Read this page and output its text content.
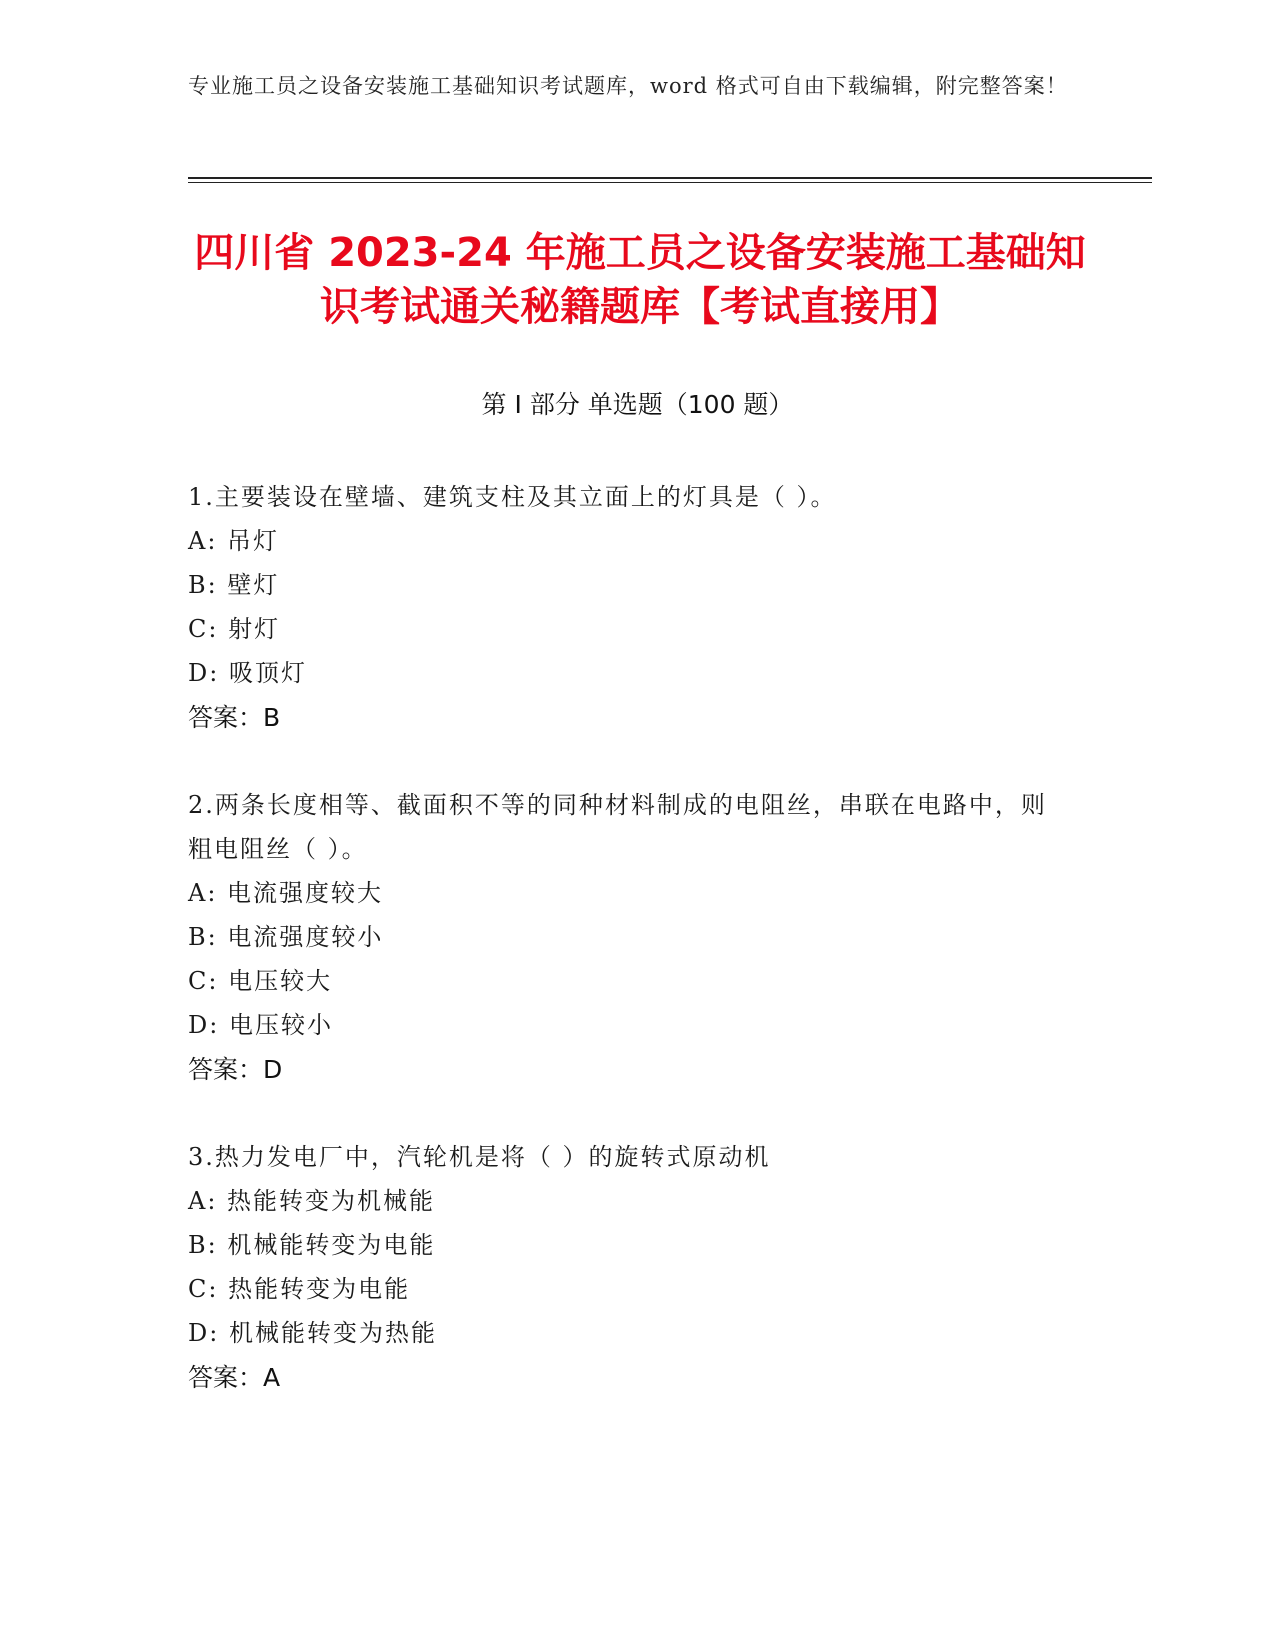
专业施工员之设备安装施工基础知识考试题库，word 格式可自由下载编辑，附完整答案！
四川省 2023-24 年施工员之设备安装施工基础知识考试通关秘籍题库【考试直接用】
第 I 部分 单选题（100 题）
1.主要装设在壁墙、建筑支柱及其立面上的灯具是（ ）。
A: 吊灯
B: 壁灯
C: 射灯
D: 吸顶灯
答案：B
2.两条长度相等、截面积不等的同种材料制成的电阻丝，串联在电路中，则粗电阻丝（ ）。
A: 电流强度较大
B: 电流强度较小
C: 电压较大
D: 电压较小
答案：D
3.热力发电厂中，汽轮机是将（ ）的旋转式原动机
A: 热能转变为机械能
B: 机械能转变为电能
C: 热能转变为电能
D: 机械能转变为热能
答案：A
